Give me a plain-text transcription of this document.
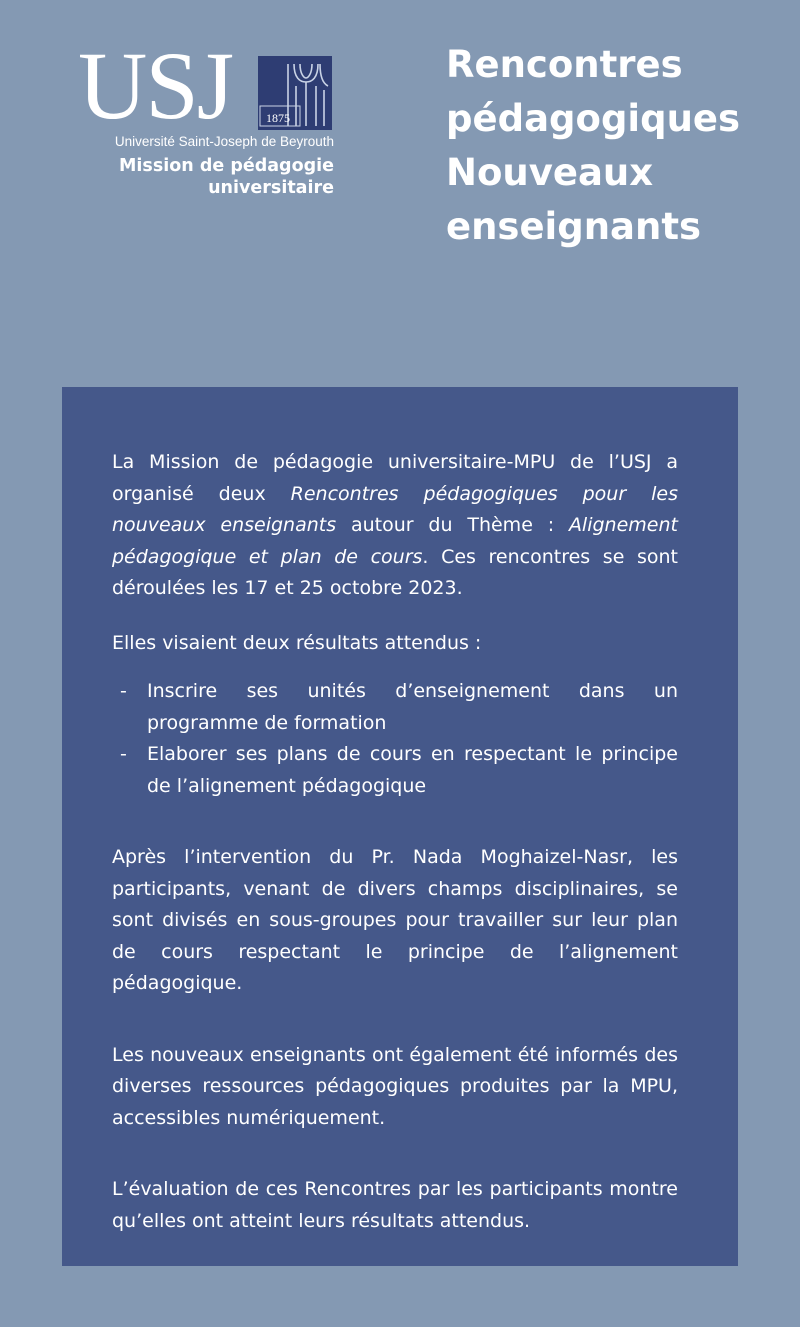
USJ	1875
Université Saint-Joseph de Beyrouth
Mission de pédagogie
universitaire
Rencontres
pédagogiques
Nouveaux
enseignants

La Mission de pédagogie universitaire-MPU de l’USJ a organisé deux Rencontres pédagogiques pour les nouveaux enseignants autour du Thème : Alignement pédagogique et plan de cours. Ces rencontres se sont déroulées les 17 et 25 octobre 2023.

Elles visaient deux résultats attendus :

- Inscrire ses unités d’enseignement dans un programme de formation
- Elaborer ses plans de cours en respectant le principe de l’alignement pédagogique

Après l’intervention du Pr. Nada Moghaizel-Nasr, les participants, venant de divers champs disciplinaires, se sont divisés en sous-groupes pour travailler sur leur plan de cours respectant le principe de l’alignement pédagogique.

Les nouveaux enseignants ont également été informés des diverses ressources pédagogiques produites par la MPU, accessibles numériquement.

L’évaluation de ces Rencontres par les participants montre qu’elles ont atteint leurs résultats attendus.
